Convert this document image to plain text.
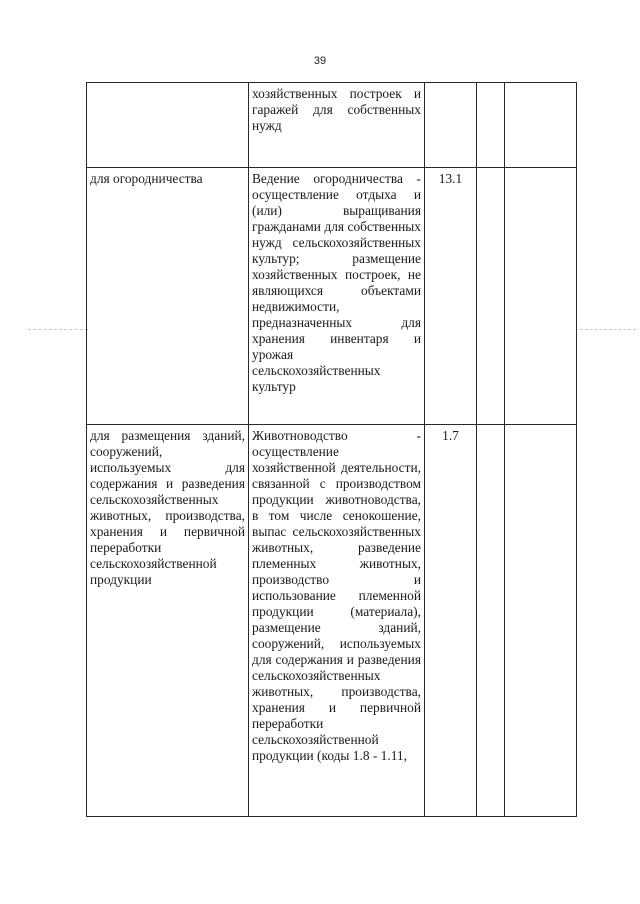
39
	хозяйственных построек и гаражей для собственных нужд			
для огородничества	Ведение огородничества - осуществление отдыха и (или) выращивания гражданами для собственных нужд сельскохозяйственных культур; размещение хозяйственных построек, не являющихся объектами недвижимости, предназначенных для хранения инвентаря и урожая сельскохозяйственных культур	13.1		
для размещения зданий, сооружений, используемых для содержания и разведения сельскохозяйственных животных, производства, хранения и первичной переработки сельскохозяйственной продукции	Животноводство - осуществление хозяйственной деятельности, связанной с производством продукции животноводства, в том числе сенокошение, выпас сельскохозяйственных животных, разведение племенных животных, производство и использование племенной продукции (материала), размещение зданий, сооружений, используемых для содержания и разведения сельскохозяйственных животных, производства, хранения и первичной переработки сельскохозяйственной продукции (коды 1.8 - 1.11,	1.7		
